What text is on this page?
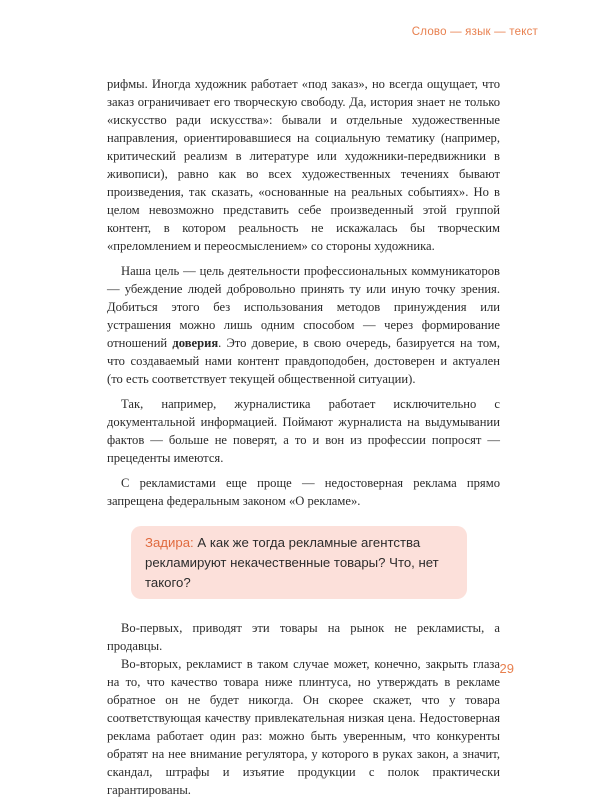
Слово — язык — текст

рифмы. Иногда художник работает «под заказ», но всегда ощущает, что заказ ограничивает его творческую свободу. Да, история знает не только «искусство ради искусства»: бывали и отдельные художественные направления, ориентировавшиеся на социальную тематику (например, критический реализм в литературе или художники-передвижники в живописи), равно как во всех художественных течениях бывают произведения, так сказать, «основанные на реальных событиях». Но в целом невозможно представить себе произведенный этой группой контент, в котором реальность не искажалась бы творческим «преломлением и переосмыслением» со стороны художника.

Наша цель — цель деятельности профессиональных коммуникаторов — убеждение людей добровольно принять ту или иную точку зрения. Добиться этого без использования методов принуждения или устрашения можно лишь одним способом — через формирование отношений доверия. Это доверие, в свою очередь, базируется на том, что создаваемый нами контент правдоподобен, достоверен и актуален (то есть соответствует текущей общественной ситуации).

Так, например, журналистика работает исключительно с документальной информацией. Поймают журналиста на выдумывании фактов — больше не поверят, а то и вон из профессии попросят — прецеденты имеются.

С рекламистами еще проще — недостоверная реклама прямо запрещена федеральным законом «О рекламе».

Задира: А как же тогда рекламные агентства рекламируют некачественные товары? Что, нет такого?

Во-первых, приводят эти товары на рынок не рекламисты, а продавцы.

Во-вторых, рекламист в таком случае может, конечно, закрыть глаза на то, что качество товара ниже плинтуса, но утверждать в рекламе обратное он не будет никогда. Он скорее скажет, что у товара соответствующая качеству привлекательная низкая цена. Недостоверная реклама работает один раз: можно быть уверенным, что конкуренты обратят на нее внимание регулятора, у которого в руках закон, а значит, скандал, штрафы и изъятие продукции с полок практически гарантированы.

29
